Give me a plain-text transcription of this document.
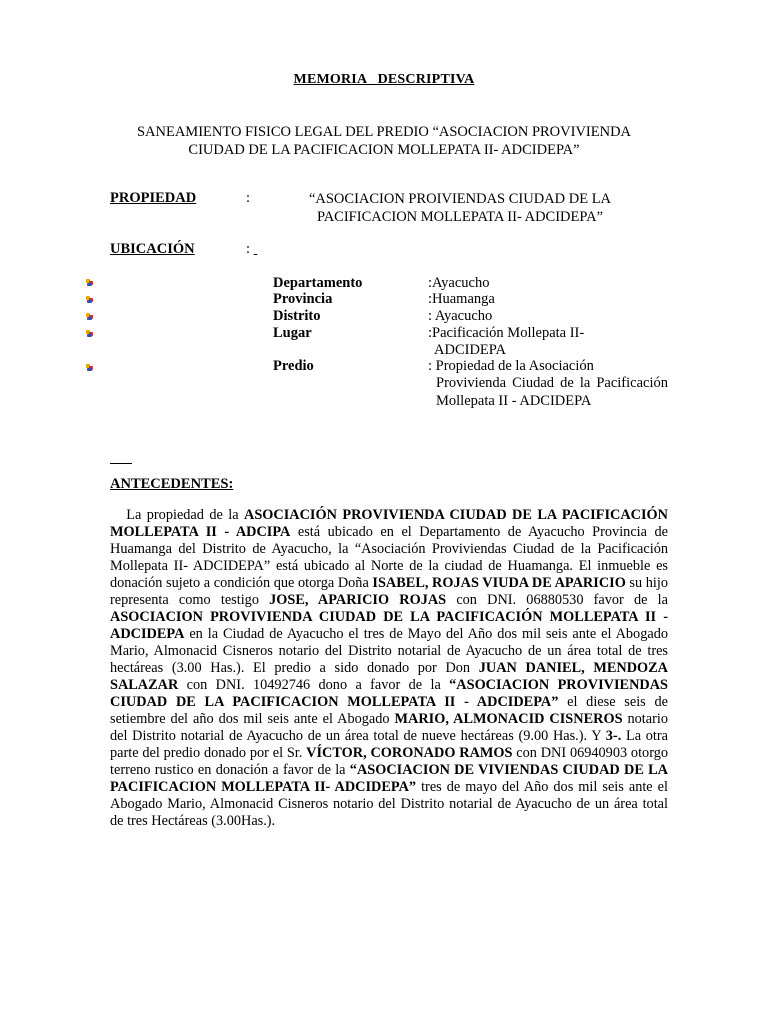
MEMORIA   DESCRIPTIVA
SANEAMIENTO FISICO LEGAL DEL PREDIO “ASOCIACION PROVIVIENDA
CIUDAD DE LA PACIFICACION MOLLEPATA II- ADCIDEPA”
PROPIEDAD	:	“ASOCIACION PROIVIENDAS CIUDAD DE LA
PACIFICACION MOLLEPATA II- ADCIDEPA”
UBICACIÓN	:
Departamento	:Ayacucho
Provincia	:Huamanga
Distrito	: Ayacucho
Lugar	:Pacificación Mollepata II-
ADCIDEPA
Predio	: Propiedad de la Asociación
Provivienda Ciudad de la Pacificación Mollepata II - ADCIDEPA
ANTECEDENTES:
La propiedad de la ASOCIACIÓN PROVIVIENDA CIUDAD DE LA PACIFICACIÓN MOLLEPATA II - ADCIPA está ubicado en el Departamento de Ayacucho Provincia de Huamanga del Distrito de Ayacucho, la “Asociación Proviviendas Ciudad de la Pacificación Mollepata II- ADCIDEPA” está ubicado al Norte de la ciudad de Huamanga. El inmueble es donación sujeto a condición que otorga Doña ISABEL, ROJAS VIUDA DE APARICIO su hijo representa como testigo JOSE, APARICIO ROJAS con DNI. 06880530 favor de la ASOCIACION PROVIVIENDA CIUDAD DE LA PACIFICACIÓN MOLLEPATA II -ADCIDEPA en la Ciudad de Ayacucho el tres de Mayo del Año dos mil seis ante el Abogado Mario, Almonacid Cisneros notario del Distrito notarial de Ayacucho de un área total de tres hectáreas (3.00 Has.). El predio a sido donado por Don JUAN DANIEL, MENDOZA SALAZAR con DNI. 10492746 dono a favor de la “ASOCIACION PROVIVIENDAS CIUDAD DE LA PACIFICACION MOLLEPATA II - ADCIDEPA” el diese seis de setiembre del año dos mil seis ante el Abogado MARIO, ALMONACID CISNEROS notario del Distrito notarial de Ayacucho de un área total de nueve hectáreas (9.00 Has.). Y 3-. La otra parte del predio donado por el Sr. VÍCTOR, CORONADO RAMOS con DNI 06940903 otorgo terreno rustico en donación a favor de la “ASOCIACION DE VIVIENDAS CIUDAD DE LA PACIFICACION MOLLEPATA II- ADCIDEPA” tres de mayo del Año dos mil seis ante el Abogado Mario, Almonacid Cisneros notario del Distrito notarial de Ayacucho de un área total de tres Hectáreas (3.00Has.).
